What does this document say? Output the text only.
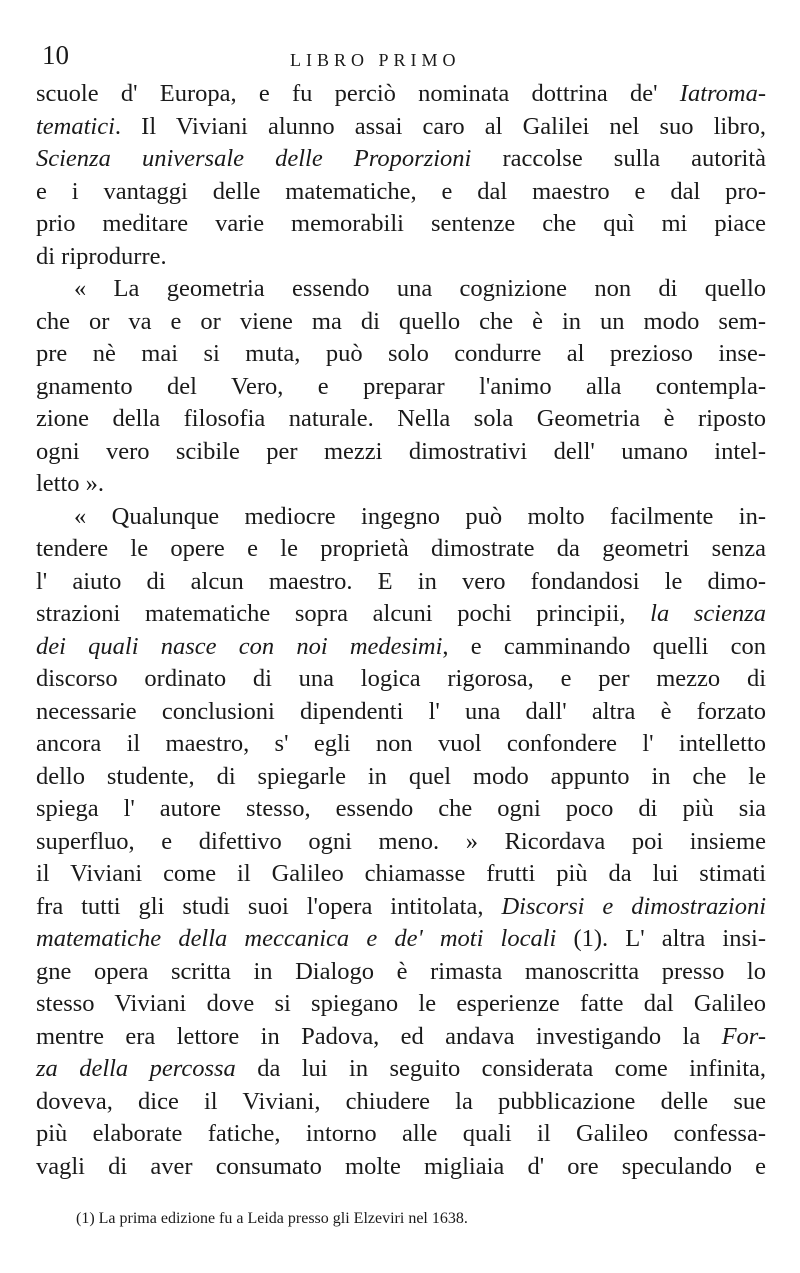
10	LIBRO PRIMO
scuole d' Europa, e fu perciò nominata dottrina de' Iatroma-
tematici. Il Viviani alunno assai caro al Galilei nel suo libro,
Scienza universale delle Proporzioni raccolse sulla autorità
e i vantaggi delle matematiche, e dal maestro e dal pro-
prio meditare varie memorabili sentenze che quì mi piace
di riprodurre.
« La geometria essendo una cognizione non di quello
che or va e or viene ma di quello che è in un modo sem-
pre nè mai si muta, può solo condurre al prezioso inse-
gnamento del Vero, e preparar l'animo alla contempla-
zione della filosofia naturale. Nella sola Geometria è riposto
ogni vero scibile per mezzi dimostrativi dell' umano intel-
letto ».
« Qualunque mediocre ingegno può molto facilmente in-
tendere le opere e le proprietà dimostrate da geometri senza
l' aiuto di alcun maestro. E in vero fondandosi le dimo-
strazioni matematiche sopra alcuni pochi principii, la scienza
dei quali nasce con noi medesimi, e camminando quelli con
discorso ordinato di una logica rigorosa, e per mezzo di
necessarie conclusioni dipendenti l' una dall' altra è forzato
ancora il maestro, s' egli non vuol confondere l' intelletto
dello studente, di spiegarle in quel modo appunto in che le
spiega l' autore stesso, essendo che ogni poco di più sia
superfluo, e difettivo ogni meno. » Ricordava poi insieme
il Viviani come il Galileo chiamasse frutti più da lui stimati
fra tutti gli studi suoi l'opera intitolata, Discorsi e dimostrazioni
matematiche della meccanica e de' moti locali (1). L' altra insi-
gne opera scritta in Dialogo è rimasta manoscritta presso lo
stesso Viviani dove si spiegano le esperienze fatte dal Galileo
mentre era lettore in Padova, ed andava investigando la For-
za della percossa da lui in seguito considerata come infinita,
doveva, dice il Viviani, chiudere la pubblicazione delle sue
più elaborate fatiche, intorno alle quali il Galileo confessa-
vagli di aver consumato molte migliaia d' ore speculando e
(1) La prima edizione fu a Leida presso gli Elzeviri nel 1638.
